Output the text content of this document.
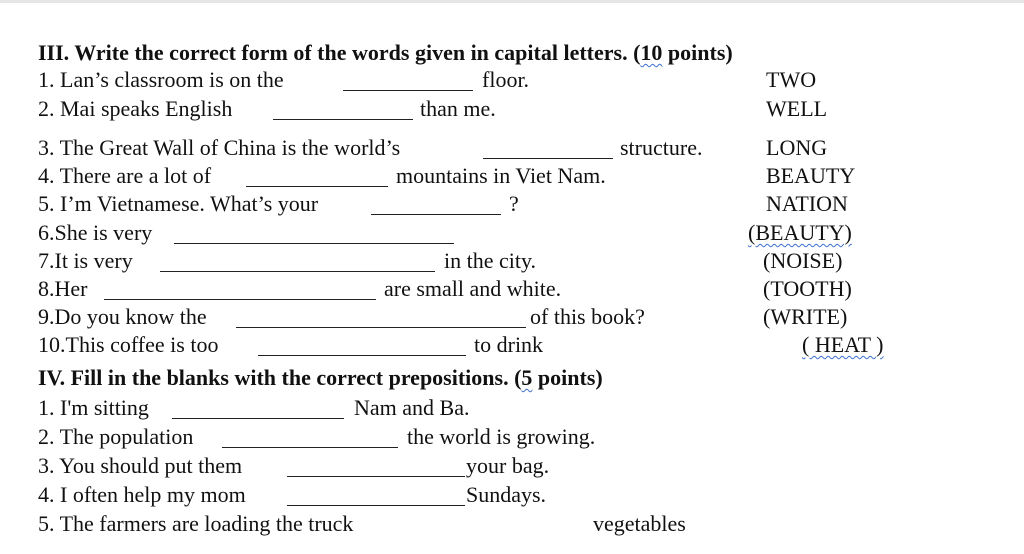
III. Write the correct form of the words given in capital letters. (10 points)
1. Lan’s classroom is on the	floor.	TWO
2. Mai speaks English	than me.	WELL
3. The Great Wall of China is the world’s	structure.	LONG
4. There are a lot of	mountains in Viet Nam.	BEAUTY
5. I’m Vietnamese. What’s your	?	NATION
6.She is very	(BEAUTY)
7.It is very	in the city.	(NOISE)
8.Her	are small and white.	(TOOTH)
9.Do you know the	of this book?	(WRITE)
10.This coffee is too	to drink	( HEAT )
IV. Fill in the blanks with the correct prepositions. (5 points)
1. I'm sitting	Nam and Ba.
2. The population	the world is growing.
3. You should put them	your bag.
4. I often help my mom	Sundays.
5. The farmers are loading the truck	vegetables
